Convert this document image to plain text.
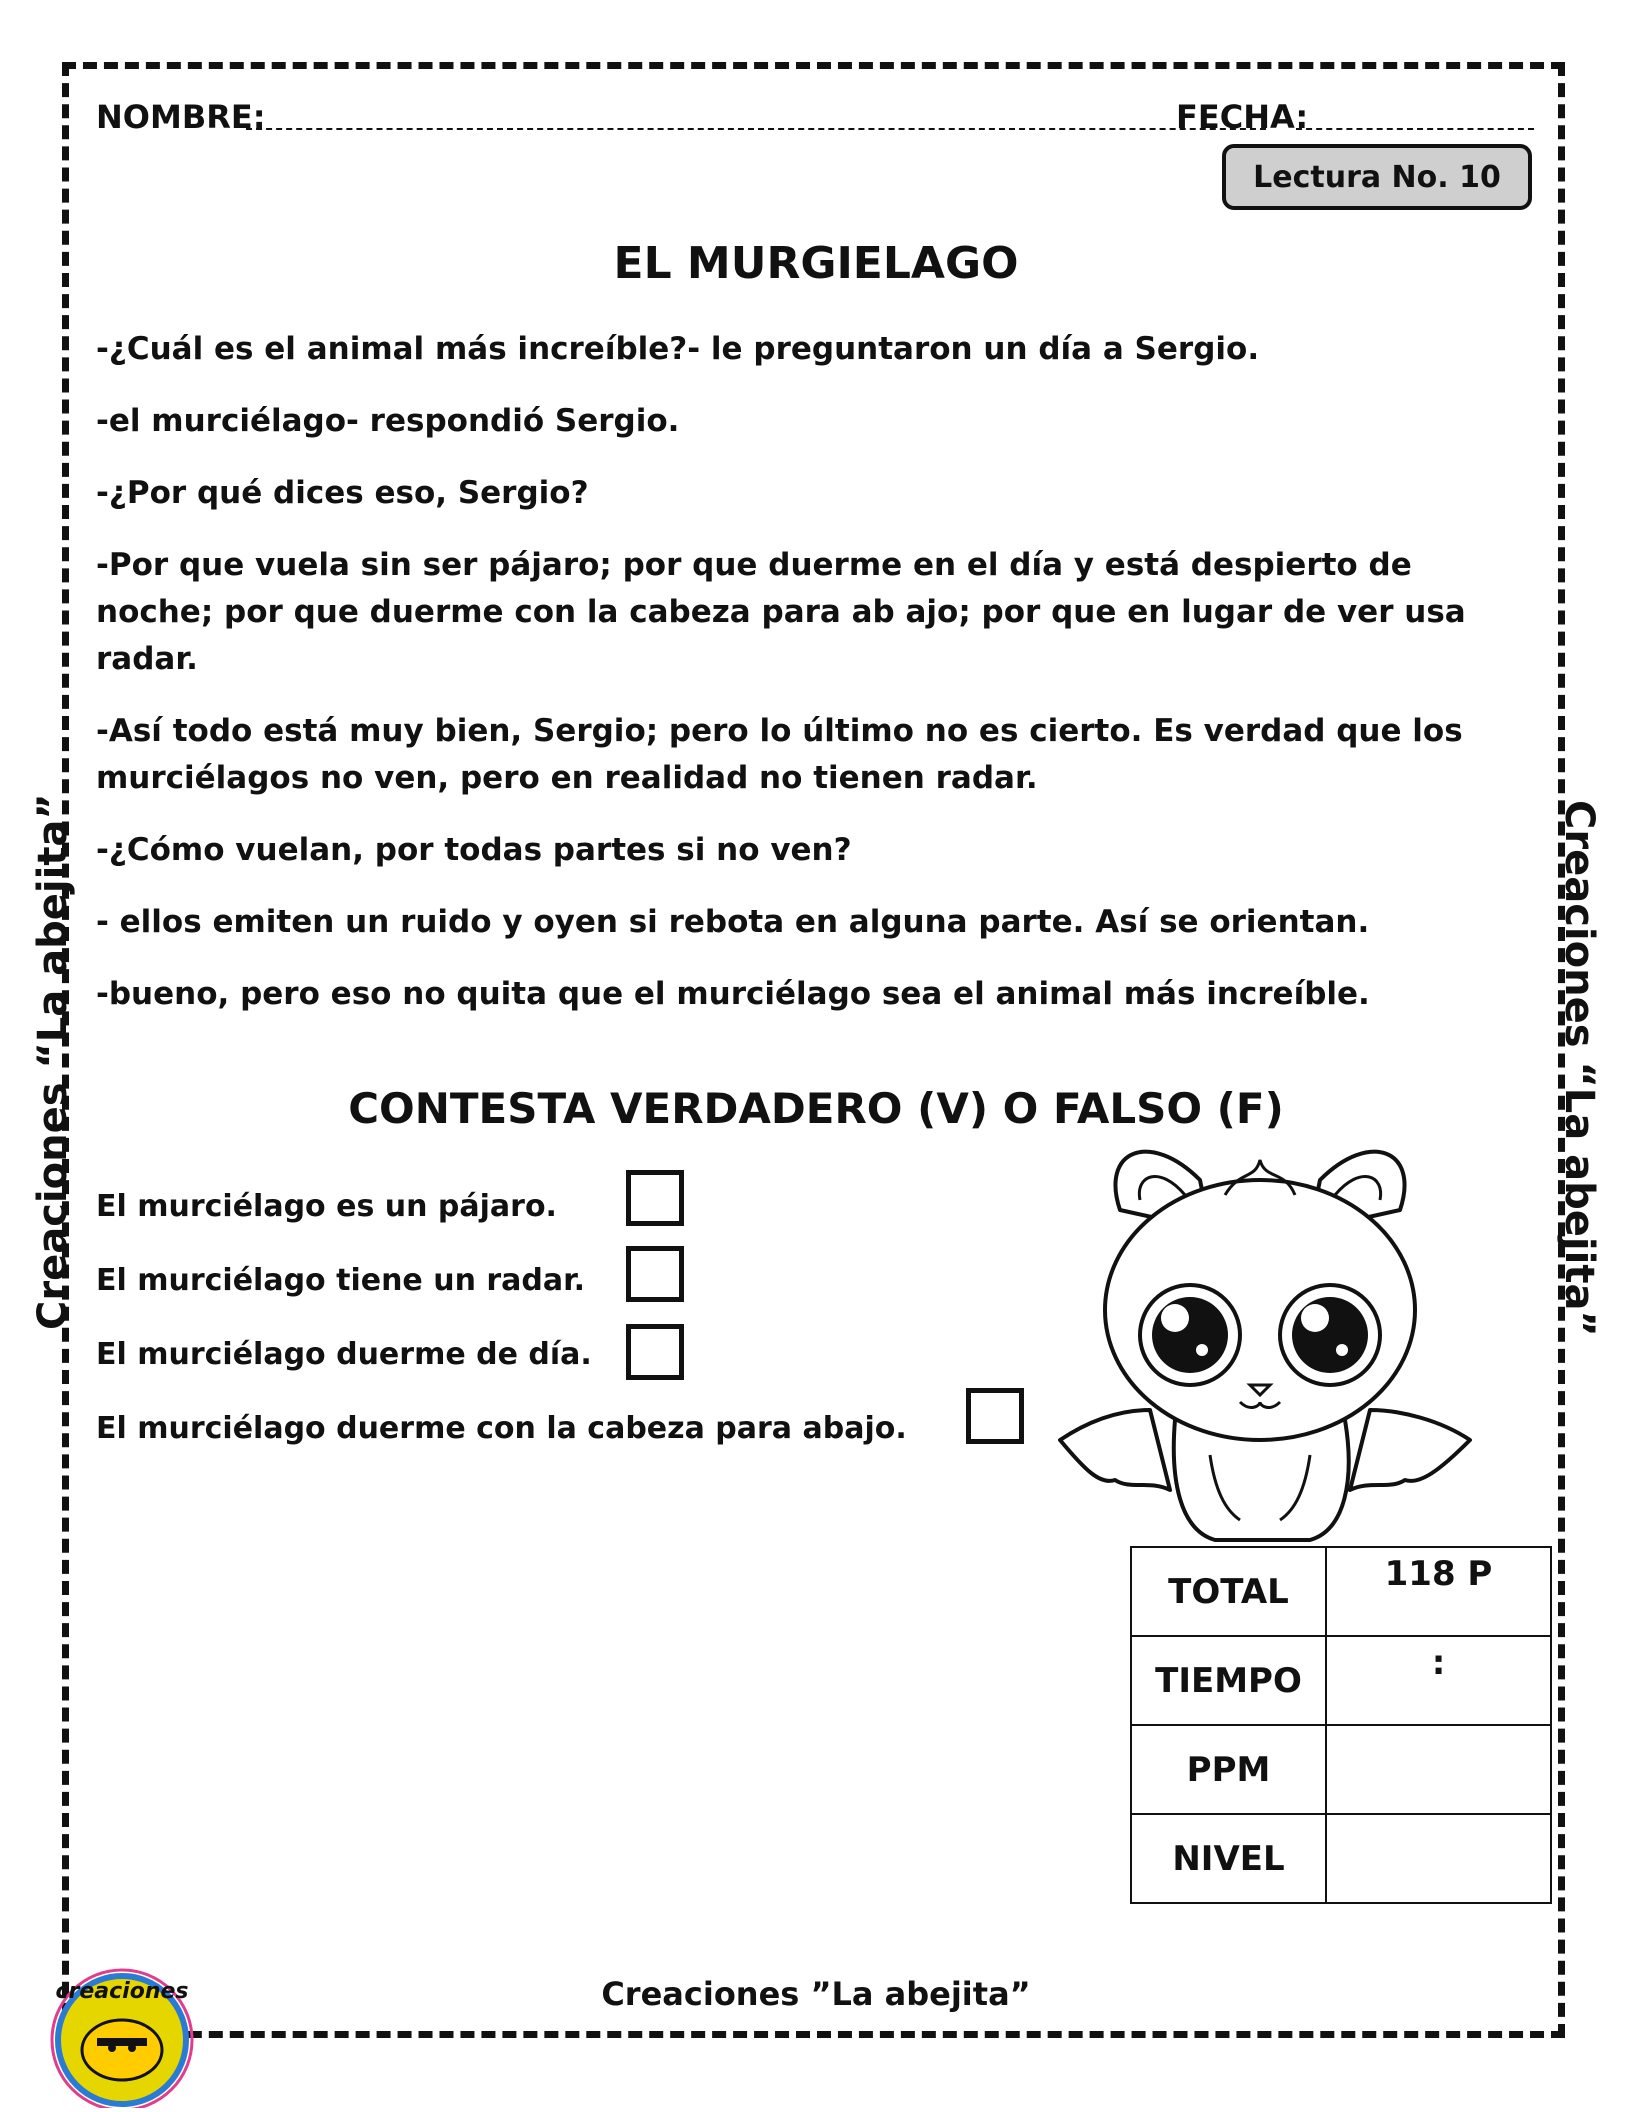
NOMBRE:	FECHA:
Lectura No. 10
EL MURGIELAGO

-¿Cuál es el animal más increíble?- le preguntaron un día a Sergio.

-el murciélago- respondió Sergio.

-¿Por qué dices eso, Sergio?

-Por que vuela sin ser pájaro; por que duerme en el día y está despierto de noche; por que duerme con la cabeza para ab ajo; por que en lugar de ver usa radar.

-Así todo está muy bien, Sergio; pero lo último no es cierto. Es verdad que los murciélagos no ven, pero en realidad no tienen radar.

-¿Cómo vuelan, por todas partes si no ven?

- ellos emiten un ruido y oyen si rebota en alguna parte. Así se orientan.

-bueno, pero eso no quita que el murciélago sea el animal más increíble.

CONTESTA VERDADERO (V) O FALSO (F)
El murciélago es un pájaro.
El murciélago tiene un radar.
El murciélago duerme de día.
El murciélago duerme con la cabeza para abajo.
TOTAL	118 P
TIEMPO	:
PPM	
NIVEL	
Creaciones “La abejita”	Creaciones “La abejita”
Creaciones ”La abejita”
creaciones
